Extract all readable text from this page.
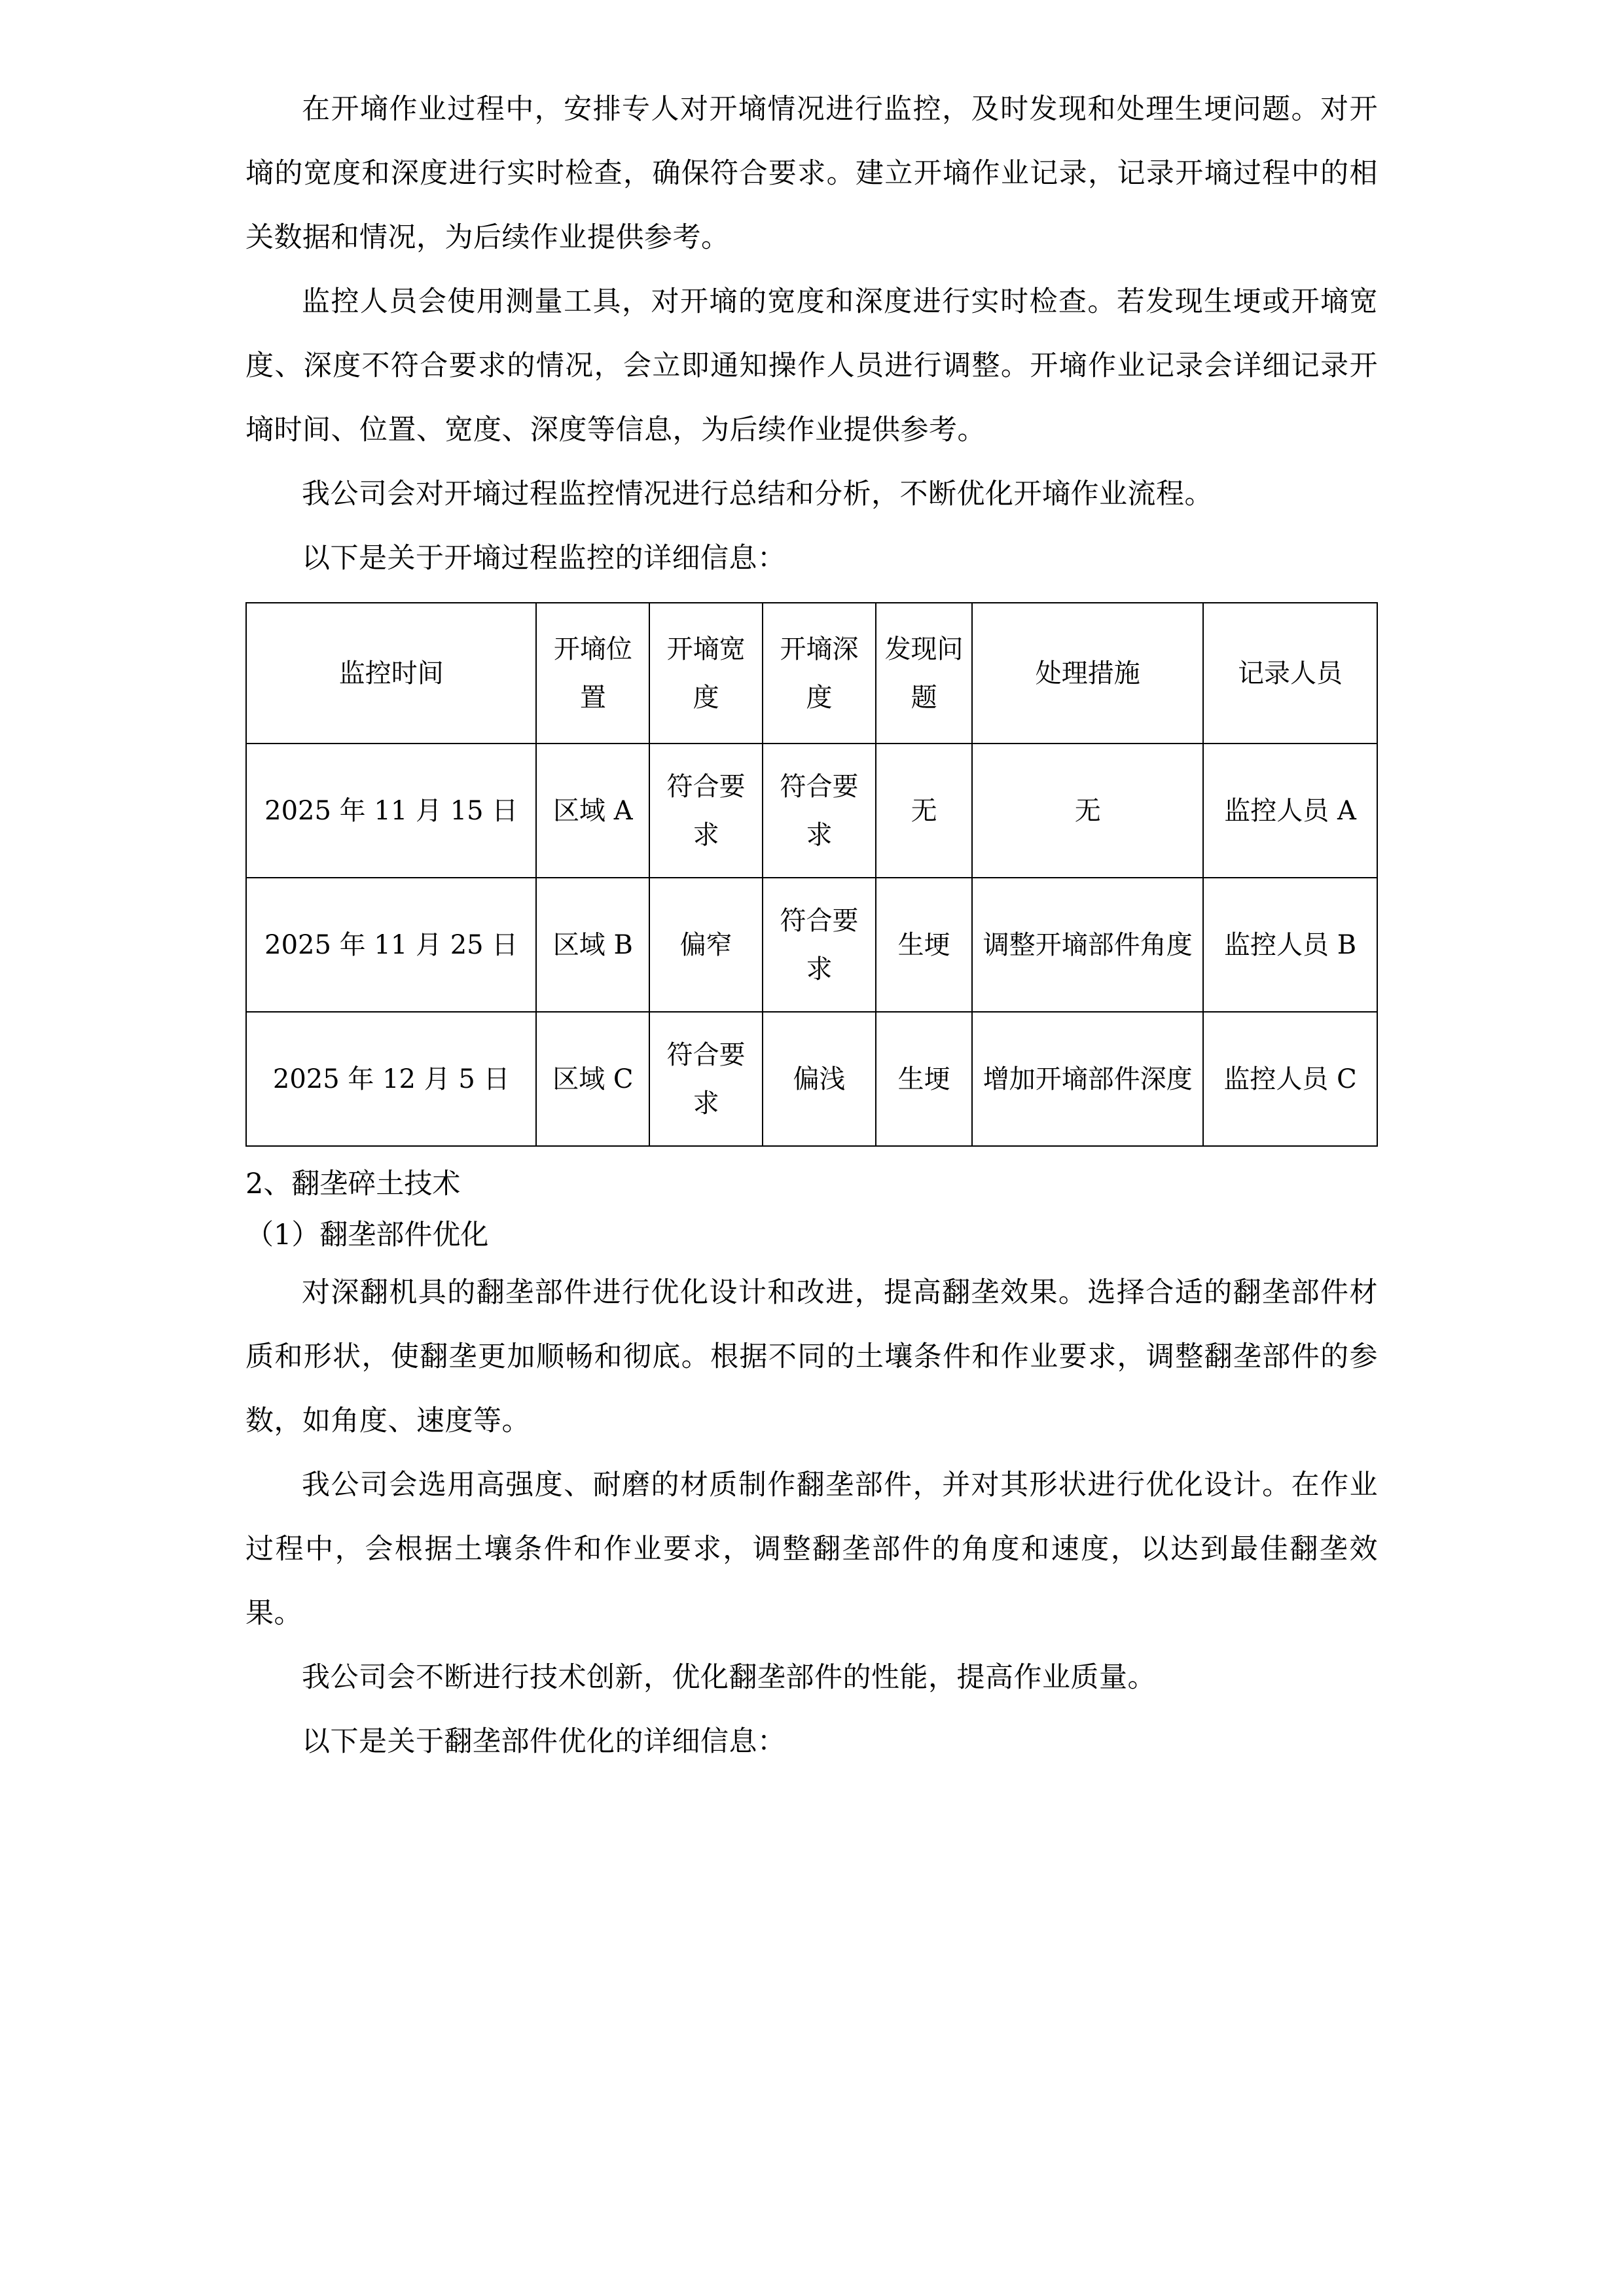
在开墒作业过程中，安排专人对开墒情况进行监控，及时发现和处理生埂问题。对开墒的宽度和深度进行实时检查，确保符合要求。建立开墒作业记录，记录开墒过程中的相关数据和情况，为后续作业提供参考。

监控人员会使用测量工具，对开墒的宽度和深度进行实时检查。若发现生埂或开墒宽度、深度不符合要求的情况，会立即通知操作人员进行调整。开墒作业记录会详细记录开墒时间、位置、宽度、深度等信息，为后续作业提供参考。

我公司会对开墒过程监控情况进行总结和分析，不断优化开墒作业流程。

以下是关于开墒过程监控的详细信息：

监控时间	开墒位置	开墒宽度	开墒深度	发现问题	处理措施	记录人员
2025 年 11 月 15 日	区域 A	符合要求	符合要求	无	无	监控人员 A
2025 年 11 月 25 日	区域 B	偏窄	符合要求	生埂	调整开墒部件角度	监控人员 B
2025 年 12 月 5 日	区域 C	符合要求	偏浅	生埂	增加开墒部件深度	监控人员 C

2、翻垄碎土技术

（1）翻垄部件优化

对深翻机具的翻垄部件进行优化设计和改进，提高翻垄效果。选择合适的翻垄部件材质和形状，使翻垄更加顺畅和彻底。根据不同的土壤条件和作业要求，调整翻垄部件的参数，如角度、速度等。

我公司会选用高强度、耐磨的材质制作翻垄部件，并对其形状进行优化设计。在作业过程中，会根据土壤条件和作业要求，调整翻垄部件的角度和速度，以达到最佳翻垄效果。

我公司会不断进行技术创新，优化翻垄部件的性能，提高作业质量。

以下是关于翻垄部件优化的详细信息：
